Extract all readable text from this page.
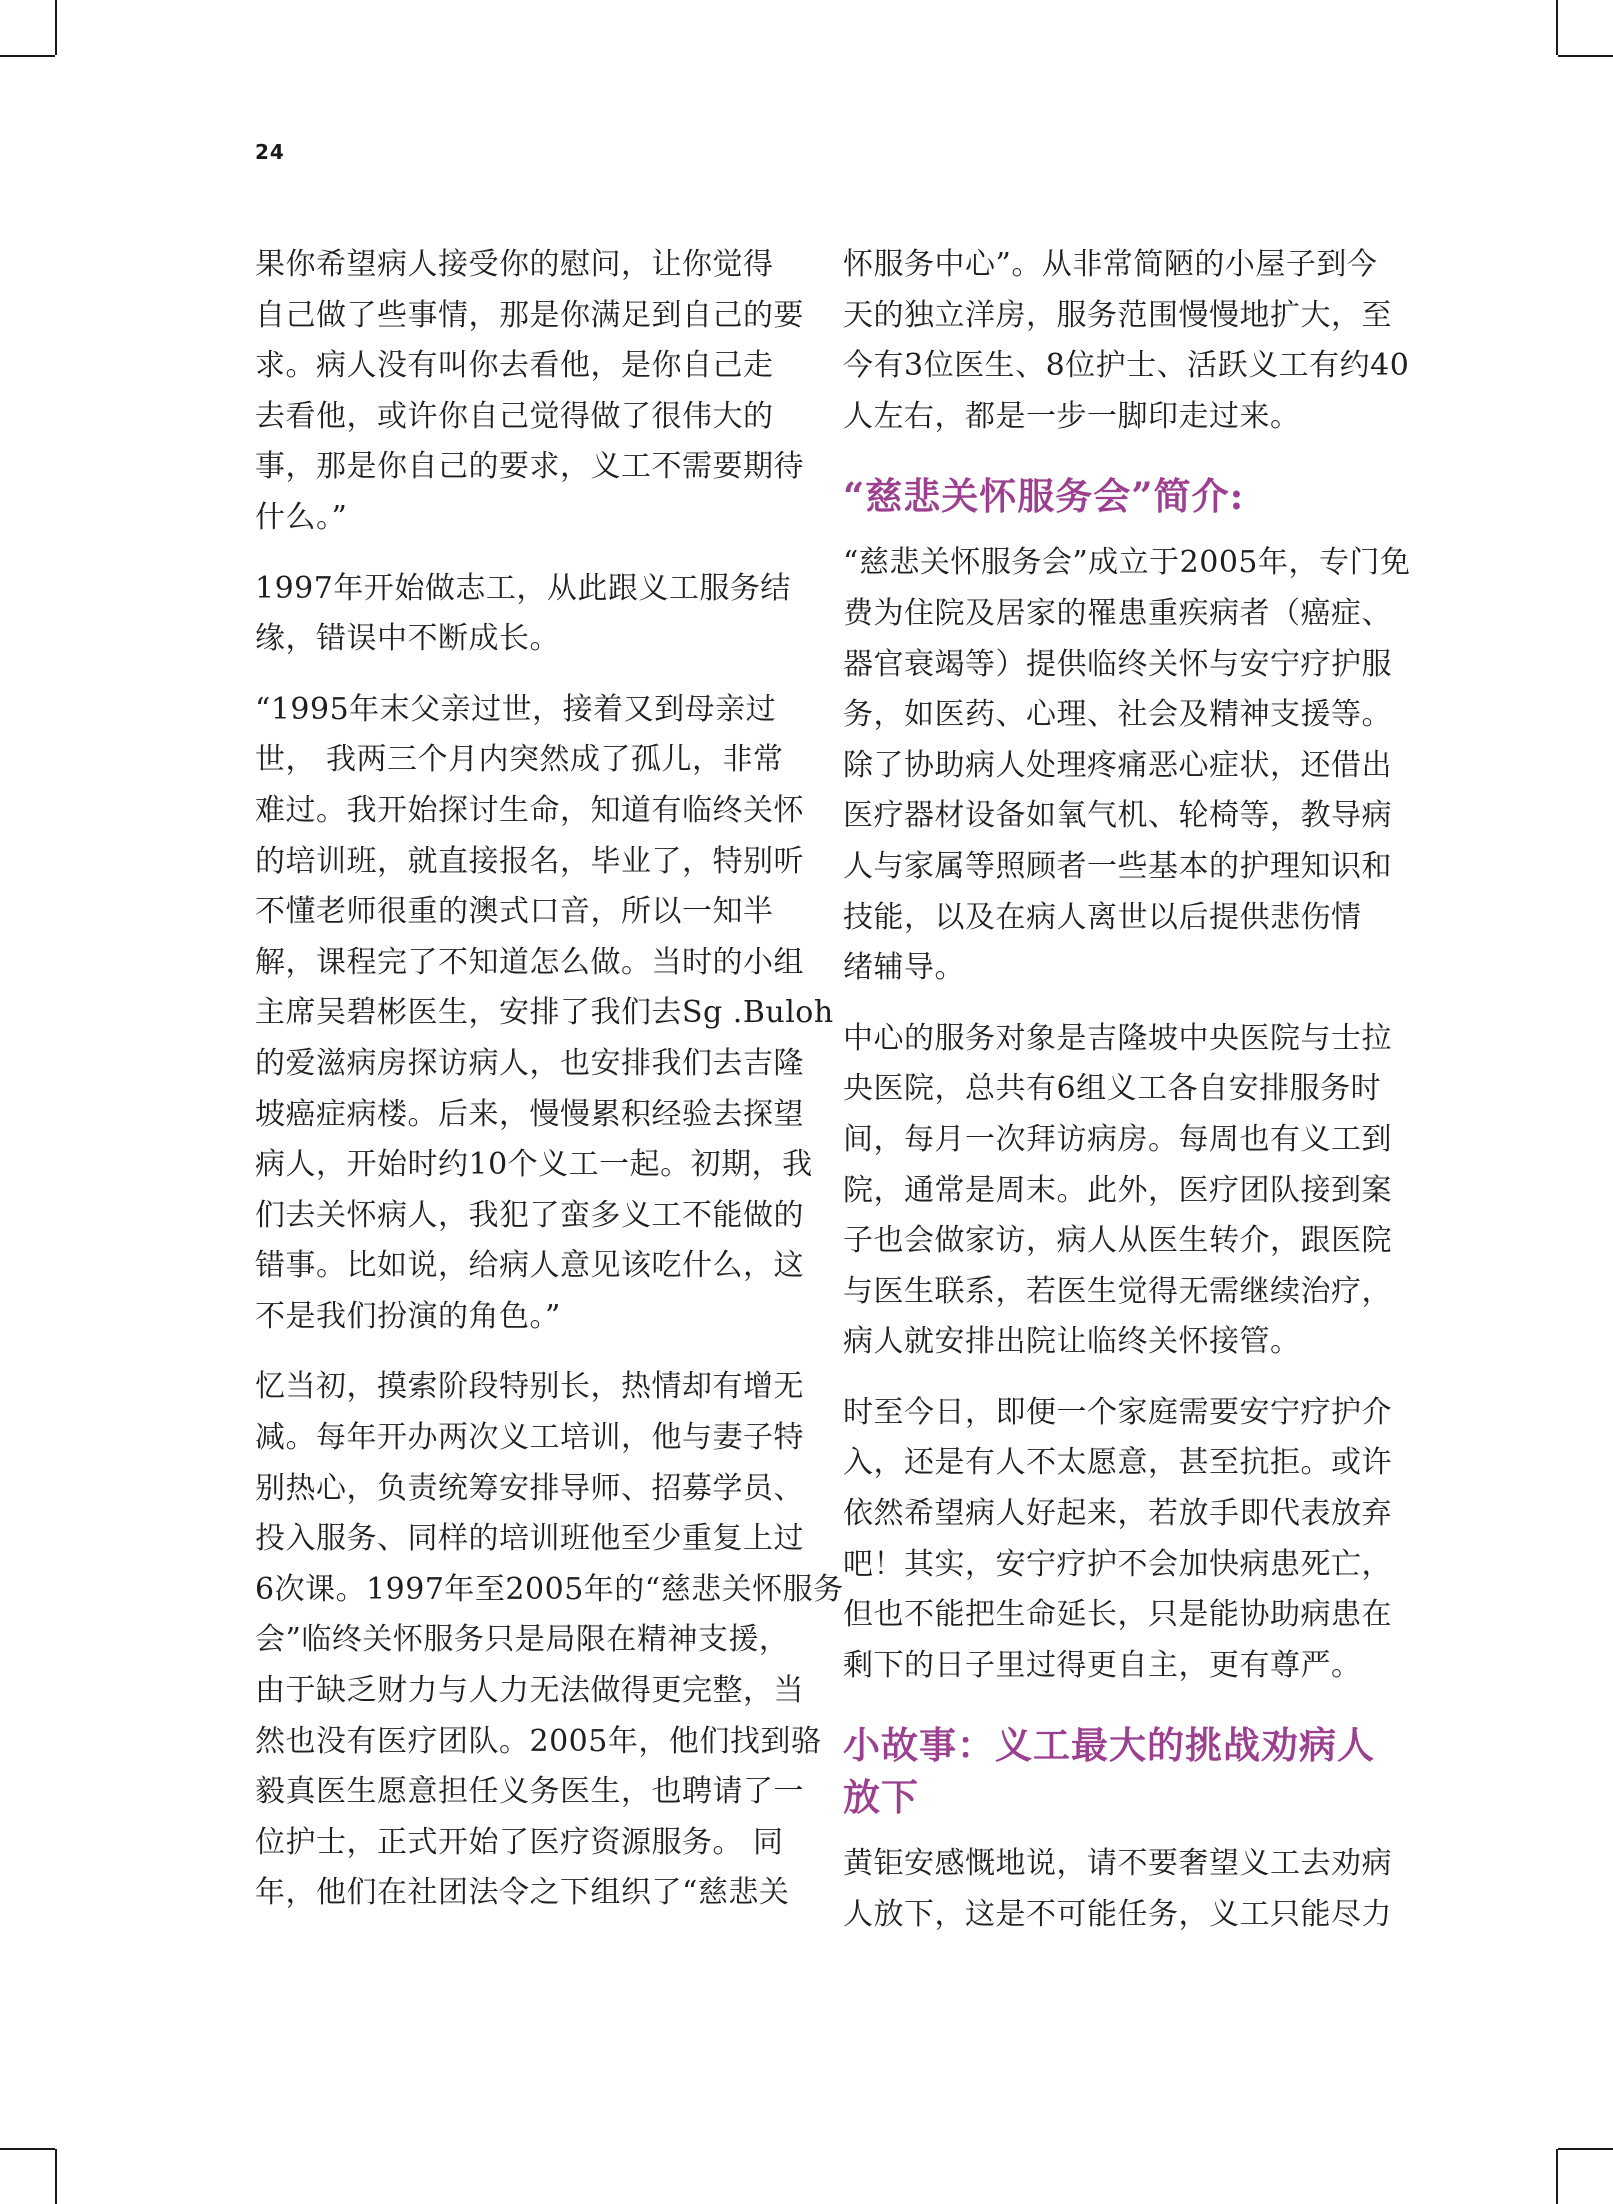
24
果你希望病人接受你的慰问，让你觉得
自己做了些事情，那是你满足到自己的要
求。病人没有叫你去看他，是你自己走
去看他，或许你自己觉得做了很伟大的
事，那是你自己的要求，义工不需要期待
什么。”
1997年开始做志工，从此跟义工服务结
缘，错误中不断成长。
“1995年末父亲过世，接着又到母亲过
世， 我两三个月内突然成了孤儿，非常
难过。我开始探讨生命，知道有临终关怀
的培训班，就直接报名，毕业了，特别听
不懂老师很重的澳式口音，所以一知半
解，课程完了不知道怎么做。当时的小组
主席吴碧彬医生，安排了我们去Sg .Buloh
的爱滋病房探访病人，也安排我们去吉隆
坡癌症病楼。后来，慢慢累积经验去探望
病人，开始时约10个义工一起。初期，我
们去关怀病人，我犯了蛮多义工不能做的
错事。比如说，给病人意见该吃什么，这
不是我们扮演的角色。”
忆当初，摸索阶段特别长，热情却有增无
减。每年开办两次义工培训，他与妻子特
别热心，负责统筹安排导师、招募学员、
投入服务、同样的培训班他至少重复上过
6次课。1997年至2005年的“慈悲关怀服务
会”临终关怀服务只是局限在精神支援，
由于缺乏财力与人力无法做得更完整，当
然也没有医疗团队。2005年，他们找到骆
毅真医生愿意担任义务医生，也聘请了一
位护士，正式开始了医疗资源服务。 同
年，他们在社团法令之下组织了“慈悲关
怀服务中心”。从非常简陋的小屋子到今
天的独立洋房，服务范围慢慢地扩大，至
今有3位医生、8位护士、活跃义工有约40
人左右，都是一步一脚印走过来。
“慈悲关怀服务会”简介:
“慈悲关怀服务会”成立于2005年，专门免
费为住院及居家的罹患重疾病者（癌症、
器官衰竭等）提供临终关怀与安宁疗护服
务，如医药、心理、社会及精神支援等。
除了协助病人处理疼痛恶心症状，还借出
医疗器材设备如氧气机、轮椅等，教导病
人与家属等照顾者一些基本的护理知识和
技能，以及在病人离世以后提供悲伤情
绪辅导。
中心的服务对象是吉隆坡中央医院与士拉
央医院，总共有6组义工各自安排服务时
间，每月一次拜访病房。每周也有义工到
院，通常是周末。此外，医疗团队接到案
子也会做家访，病人从医生转介，跟医院
与医生联系，若医生觉得无需继续治疗，
病人就安排出院让临终关怀接管。
时至今日，即便一个家庭需要安宁疗护介
入，还是有人不太愿意，甚至抗拒。或许
依然希望病人好起来，若放手即代表放弃
吧！其实，安宁疗护不会加快病患死亡，
但也不能把生命延长，只是能协助病患在
剩下的日子里过得更自主，更有尊严。
小故事：义工最大的挑战劝病人
放下
黄钜安感慨地说，请不要奢望义工去劝病
人放下，这是不可能任务，义工只能尽力
